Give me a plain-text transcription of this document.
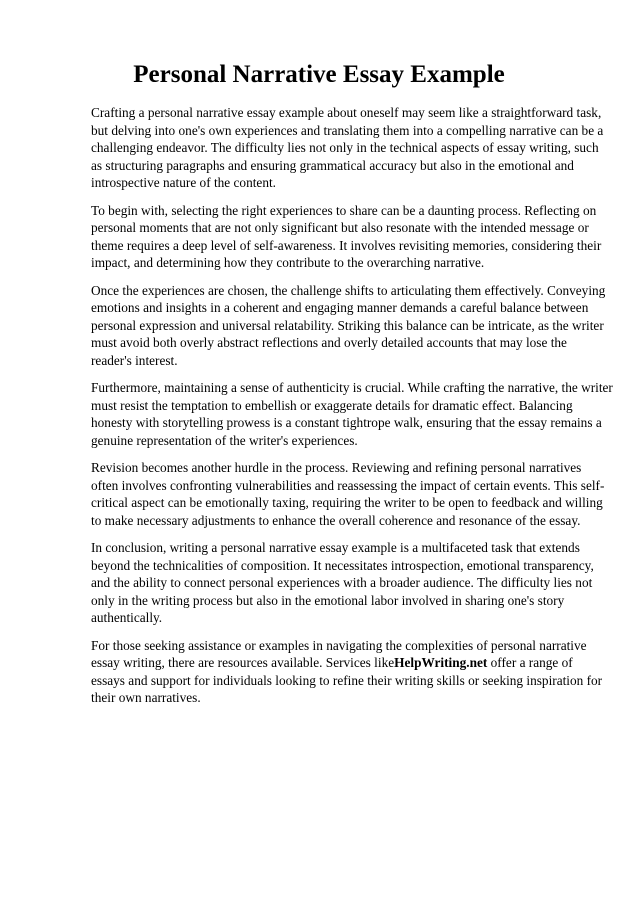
Personal Narrative Essay Example

Crafting a personal narrative essay example about oneself may seem like a straightforward task,
but delving into one's own experiences and translating them into a compelling narrative can be a
challenging endeavor. The difficulty lies not only in the technical aspects of essay writing, such
as structuring paragraphs and ensuring grammatical accuracy but also in the emotional and
introspective nature of the content.

To begin with, selecting the right experiences to share can be a daunting process. Reflecting on
personal moments that are not only significant but also resonate with the intended message or
theme requires a deep level of self-awareness. It involves revisiting memories, considering their
impact, and determining how they contribute to the overarching narrative.

Once the experiences are chosen, the challenge shifts to articulating them effectively. Conveying
emotions and insights in a coherent and engaging manner demands a careful balance between
personal expression and universal relatability. Striking this balance can be intricate, as the writer
must avoid both overly abstract reflections and overly detailed accounts that may lose the
reader's interest.

Furthermore, maintaining a sense of authenticity is crucial. While crafting the narrative, the writer
must resist the temptation to embellish or exaggerate details for dramatic effect. Balancing
honesty with storytelling prowess is a constant tightrope walk, ensuring that the essay remains a
genuine representation of the writer's experiences.

Revision becomes another hurdle in the process. Reviewing and refining personal narratives
often involves confronting vulnerabilities and reassessing the impact of certain events. This self-
critical aspect can be emotionally taxing, requiring the writer to be open to feedback and willing
to make necessary adjustments to enhance the overall coherence and resonance of the essay.

In conclusion, writing a personal narrative essay example is a multifaceted task that extends
beyond the technicalities of composition. It necessitates introspection, emotional transparency,
and the ability to connect personal experiences with a broader audience. The difficulty lies not
only in the writing process but also in the emotional labor involved in sharing one's story
authentically.

For those seeking assistance or examples in navigating the complexities of personal narrative
essay writing, there are resources available. Services likeHelpWriting.net offer a range of
essays and support for individuals looking to refine their writing skills or seeking inspiration for
their own narratives.
